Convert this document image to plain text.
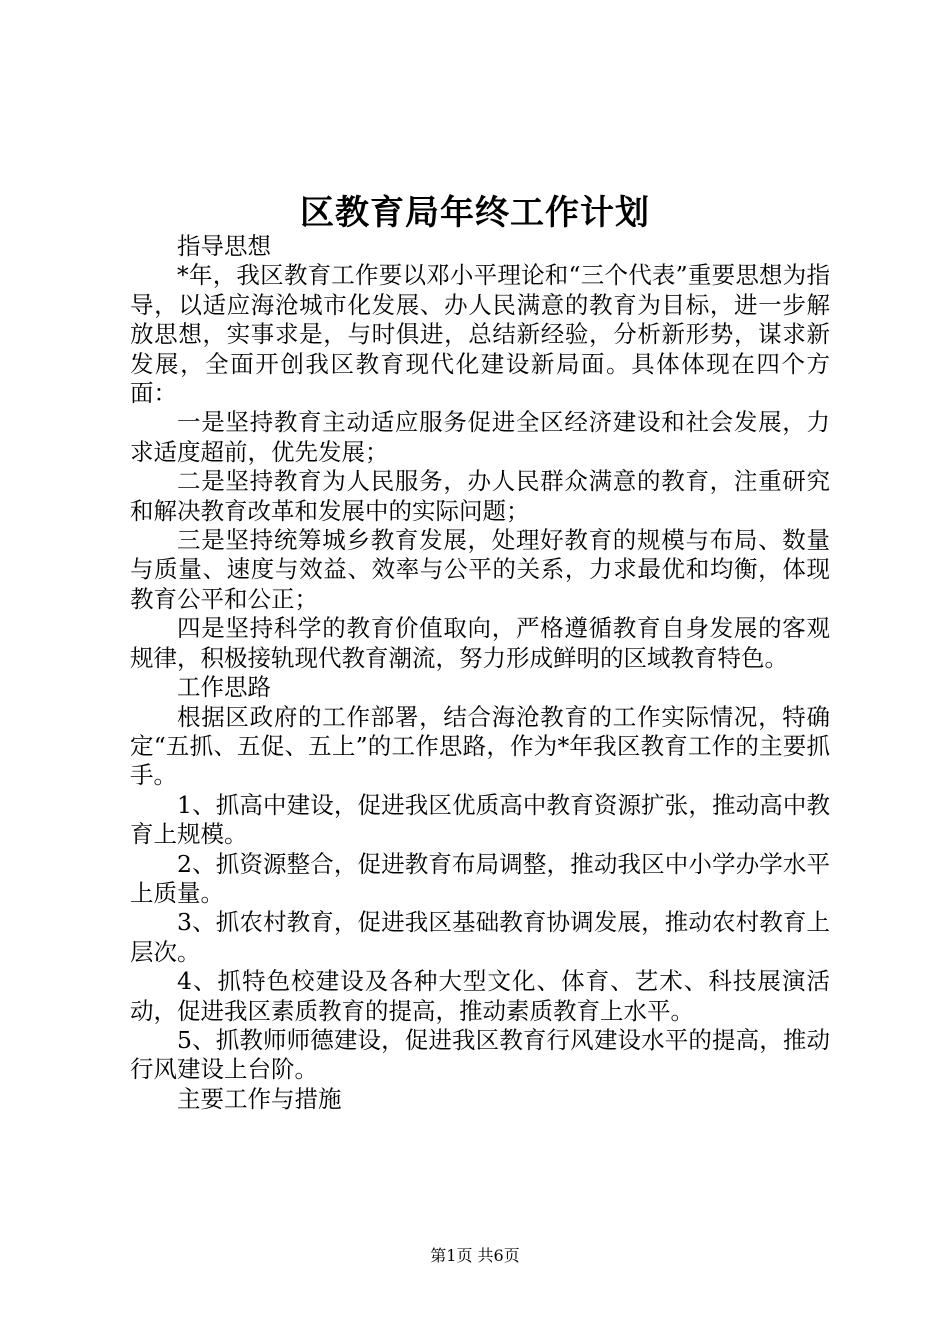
区教育局年终工作计划

指导思想

*年，我区教育工作要以邓小平理论和“三个代表”重要思想为指导，以适应海沧城市化发展、办人民满意的教育为目标，进一步解放思想，实事求是，与时俱进，总结新经验，分析新形势，谋求新发展，全面开创我区教育现代化建设新局面。具体体现在四个方面：

一是坚持教育主动适应服务促进全区经济建设和社会发展，力求适度超前，优先发展；

二是坚持教育为人民服务，办人民群众满意的教育，注重研究和解决教育改革和发展中的实际问题；

三是坚持统筹城乡教育发展，处理好教育的规模与布局、数量与质量、速度与效益、效率与公平的关系，力求最优和均衡，体现教育公平和公正；

四是坚持科学的教育价值取向，严格遵循教育自身发展的客观规律，积极接轨现代教育潮流，努力形成鲜明的区域教育特色。

工作思路

根据区政府的工作部署，结合海沧教育的工作实际情况，特确定“五抓、五促、五上”的工作思路，作为*年我区教育工作的主要抓手。

1、抓高中建设，促进我区优质高中教育资源扩张，推动高中教育上规模。

2、抓资源整合，促进教育布局调整，推动我区中小学办学水平上质量。

3、抓农村教育，促进我区基础教育协调发展，推动农村教育上层次。

4、抓特色校建设及各种大型文化、体育、艺术、科技展演活动，促进我区素质教育的提高，推动素质教育上水平。

5、抓教师师德建设，促进我区教育行风建设水平的提高，推动行风建设上台阶。

主要工作与措施

第1页 共6页
